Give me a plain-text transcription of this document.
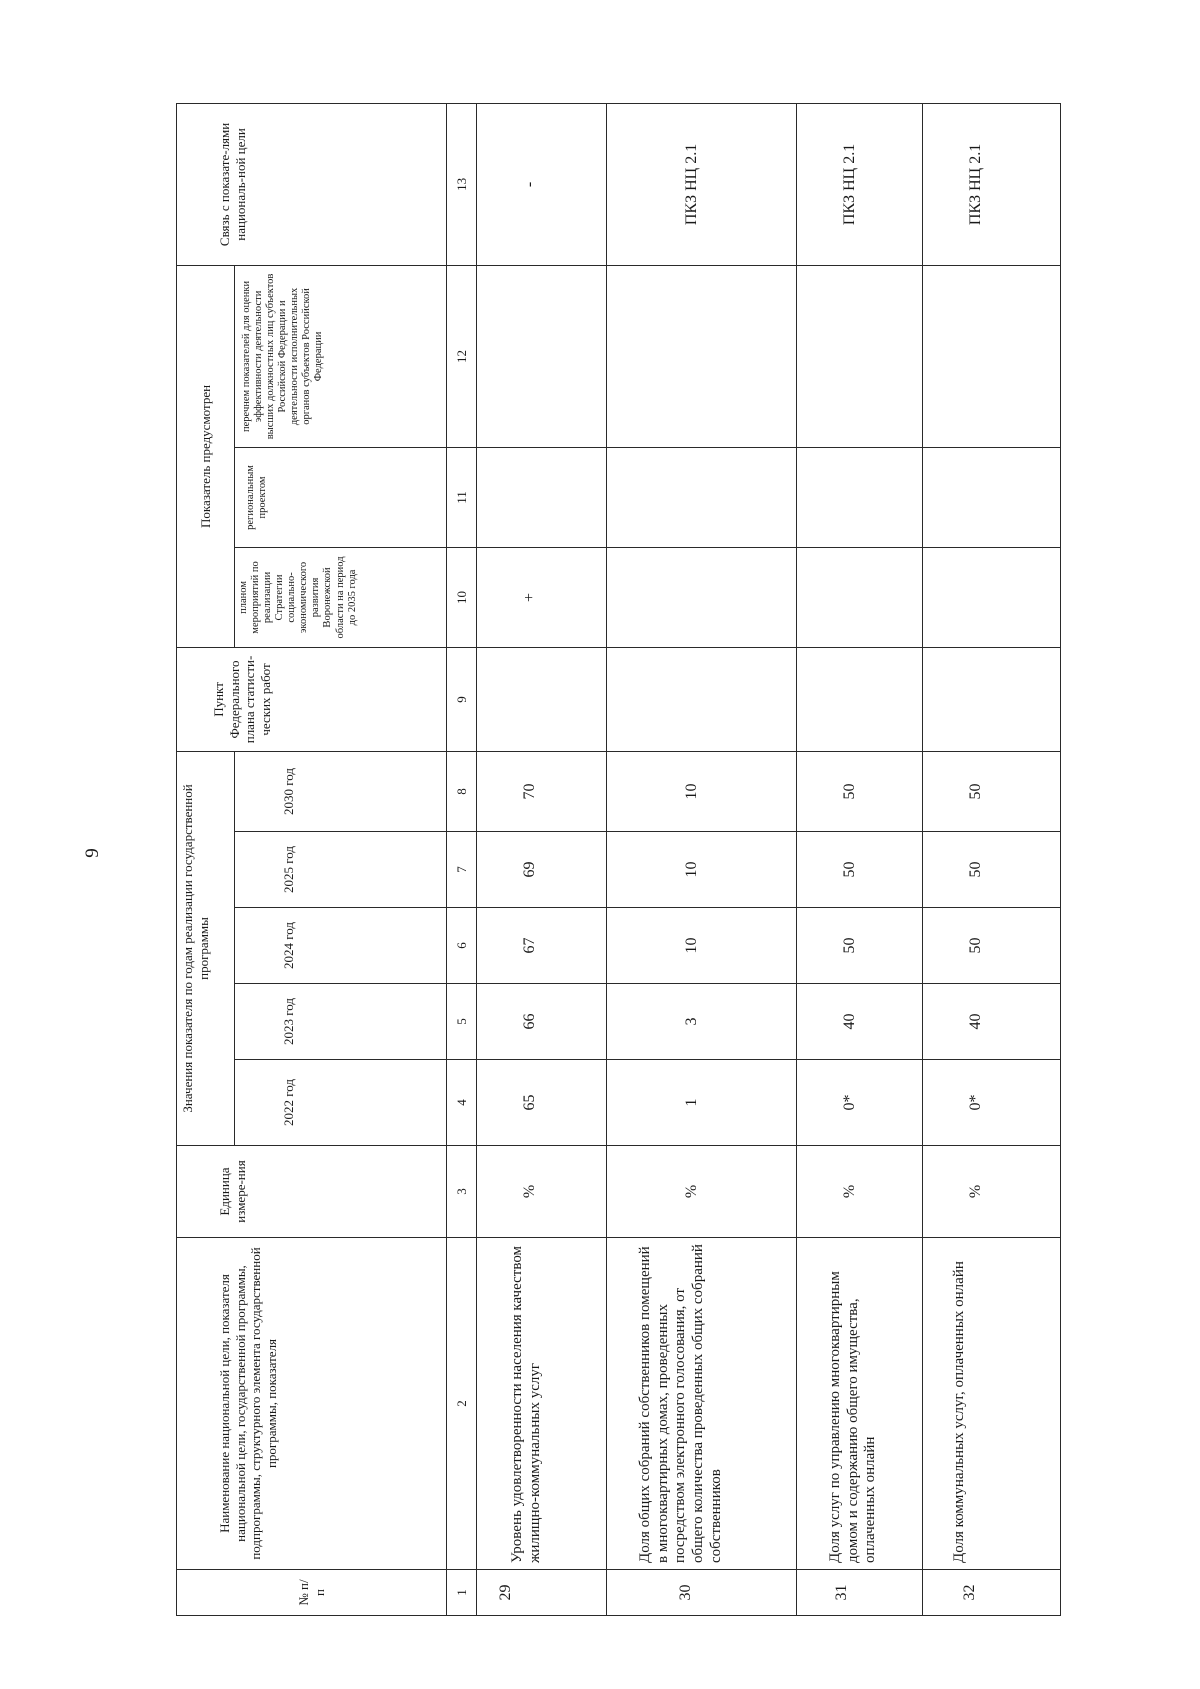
9
№ п/п	Наименование национальной цели, показателя национальной цели, государственной программы, подпрограммы, структурного элемента государственной программы, показателя	Единица измере-ния	Значения показателя по годам реализации государственной программы					Пункт Федерального плана статисти-ческих работ	Показатель предусмотрен			Связь с показате-лями националь-ной цели
			2022 год	2023 год	2024 год	2025 год	2030 год		планом мероприятий по реализации Стратегии социально-экономического развития Воронежской области на период до 2035 года	региональным проектом	перечнем показателей для оценки эффективности деятельности высших должностных лиц субъектов Российской Федерации и деятельности исполнительных органов субъектов Российской Федерации	
1	2	3	4	5	6	7	8	9	10	11	12	13
29	Уровень удовлетворенности населения качеством жилищно-коммунальных услуг	%	65	66	67	69	70		+			-
30	Доля общих собраний собственников помещений в многоквартирных домах, проведенных посредством электронного голосования, от общего количества проведенных общих собраний собственников	%	1	3	10	10	10					ПКЗ НЦ 2.1
31	Доля услуг по управлению многоквартирным домом и содержанию общего имущества, оплаченных онлайн	%	0*	40	50	50	50					ПКЗ НЦ 2.1
32	Доля коммунальных услуг, оплаченных онлайн	%	0*	40	50	50	50					ПКЗ НЦ 2.1
